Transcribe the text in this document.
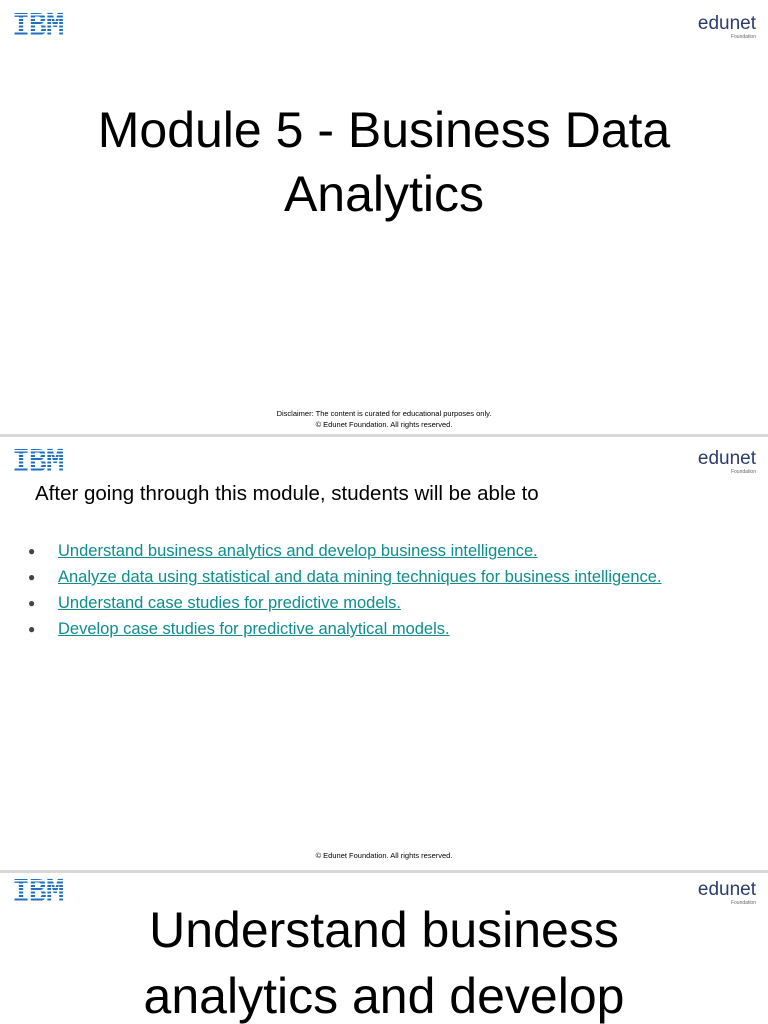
IBM	edunet
Foundation
Module 5 - Business Data
Analytics
Disclaimer: The content is curated for educational purposes only.
© Edunet Foundation. All rights reserved.
IBM	edunet
Foundation
After going through this module, students will be able to
● Understand business analytics and develop business intelligence.
● Analyze data using statistical and data mining techniques for business intelligence.
● Understand case studies for predictive models.
● Develop case studies for predictive analytical models.
© Edunet Foundation. All rights reserved.
IBM	edunet
Foundation
Understand business
analytics and develop
